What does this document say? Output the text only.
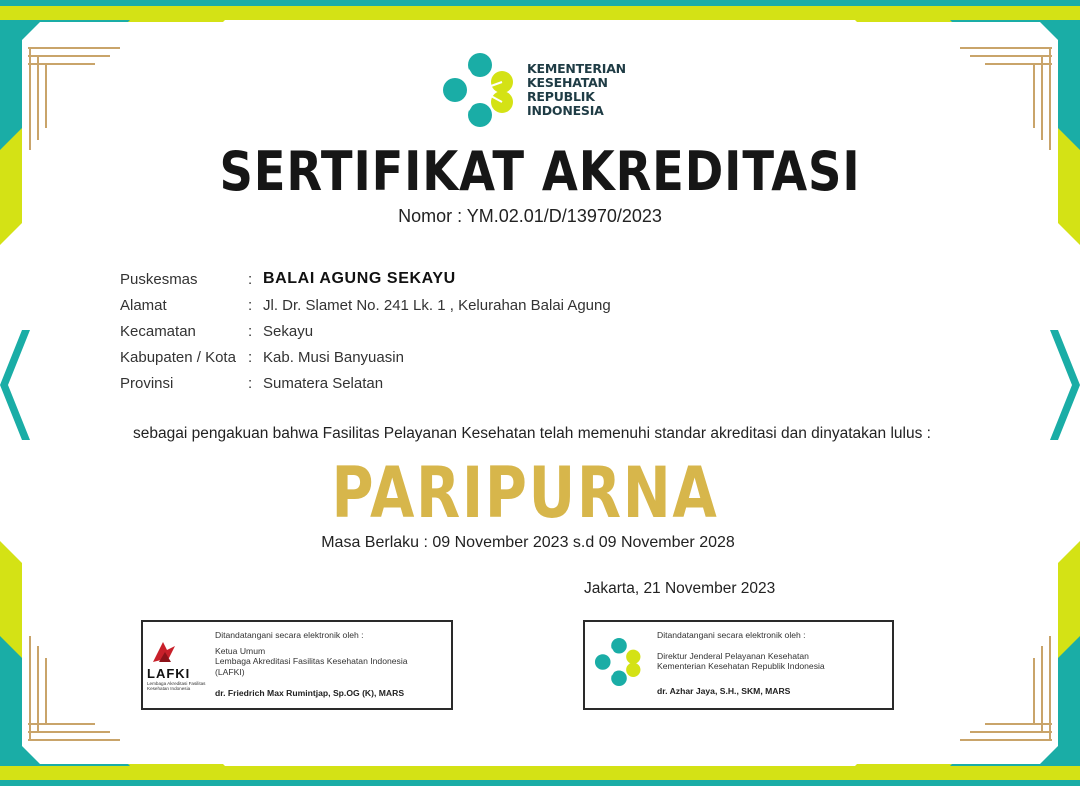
KEMENTERIAN
KESEHATAN
REPUBLIK
INDONESIA
SERTIFIKAT AKREDITASI
Nomor : YM.02.01/D/13970/2023
Puskesmas	: BALAI AGUNG SEKAYU
Alamat	: Jl. Dr. Slamet No. 241 Lk. 1 , Kelurahan Balai Agung
Kecamatan	: Sekayu
Kabupaten / Kota : Kab. Musi Banyuasin
Provinsi	: Sumatera Selatan
sebagai pengakuan bahwa Fasilitas Pelayanan Kesehatan telah memenuhi standar akreditasi dan dinyatakan lulus :
PARIPURNA
Masa Berlaku : 09 November 2023 s.d 09 November 2028
Jakarta, 21 November 2023
LAFKI
Lembaga Akreditasi Fasilitas Kesehatan Indonesia
Ditandatangani secara elektronik oleh :
Ketua Umum
Lembaga Akreditasi Fasilitas Kesehatan Indonesia
(LAFKI)
dr. Friedrich Max Rumintjap, Sp.OG (K), MARS
Ditandatangani secara elektronik oleh :
Direktur Jenderal Pelayanan Kesehatan
Kementerian Kesehatan Republik Indonesia
dr. Azhar Jaya, S.H., SKM, MARS
